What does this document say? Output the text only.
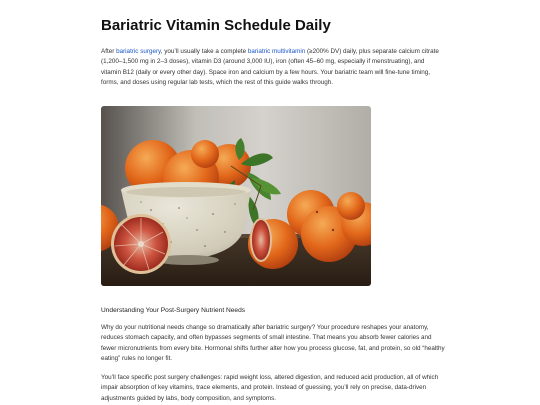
Bariatric Vitamin Schedule Daily

After bariatric surgery, you’ll usually take a complete bariatric multivitamin (≥200% DV) daily, plus separate calcium citrate (1,200–1,500 mg in 2–3 doses), vitamin D3 (around 3,000 IU), iron (often 45–60 mg, especially if menstruating), and vitamin B12 (daily or every other day). Space iron and calcium by a few hours. Your bariatric team will fine-tune timing, forms, and doses using regular lab tests, which the rest of this guide walks through.

Understanding Your Post-Surgery Nutrient Needs

Why do your nutritional needs change so dramatically after bariatric surgery? Your procedure reshapes your anatomy, reduces stomach capacity, and often bypasses segments of small intestine. That means you absorb fewer calories and fewer micronutrients from every bite. Hormonal shifts further alter how you process glucose, fat, and protein, so old “healthy eating” rules no longer fit.

You’ll face specific post surgery challenges: rapid weight loss, altered digestion, and reduced acid production, all of which impair absorption of key vitamins, trace elements, and protein. Instead of guessing, you’ll rely on precise, data-driven adjustments guided by labs, body composition, and symptoms.
